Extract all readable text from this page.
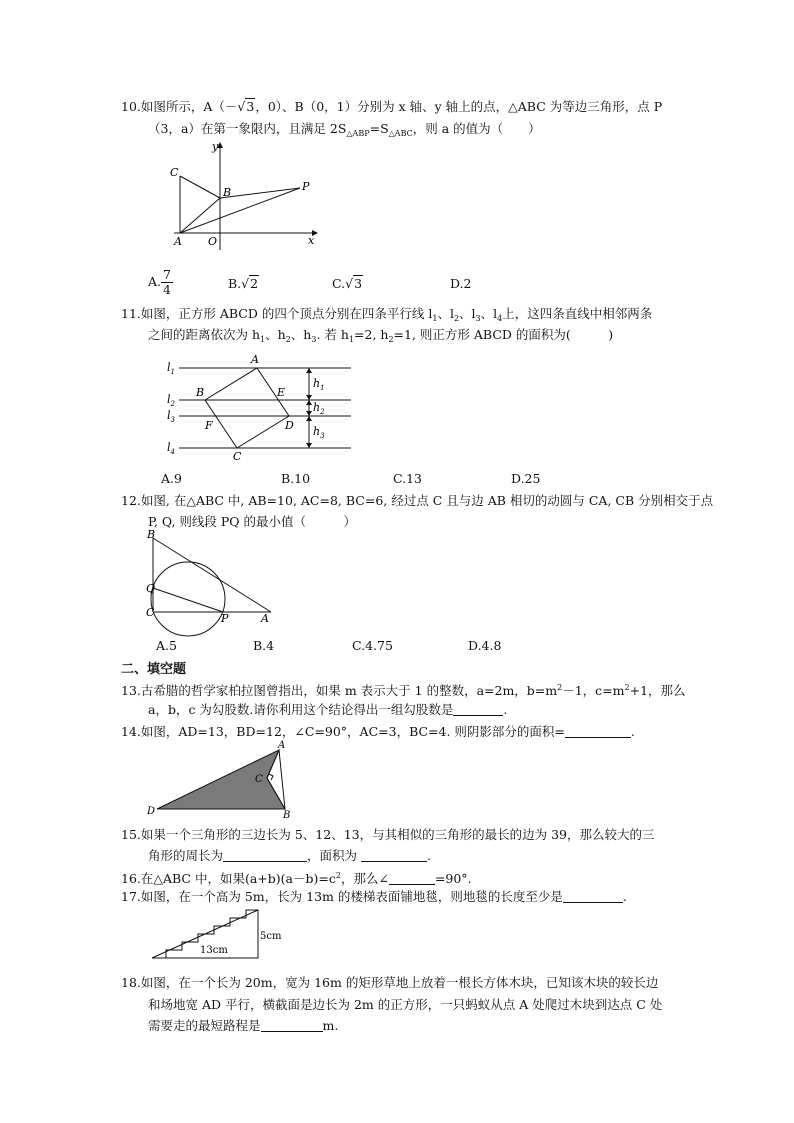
10.如图所示，A（－√3，0）、B（0，1）分别为 x 轴、y 轴上的点，△ABC 为等边三角形，点 P
（3，a）在第一象限内，且满足 $2S_{\triangle ABP}=S_{\triangle ABC}$，则 a 的值为（　　）
C
B	P
A O	x
y
A. $\frac{7}{4}$	B.√2	C.√3	D.2
11.如图，正方形 ABCD 的四个顶点分别在四条平行线 $l_1$、$l_2$、$l_3$、$l_4$上，这四条直线中相邻两条
之间的距离依次为 $h_1$、$h_2$、$h_3$. 若 $h_1=2$, $h_2=1$, 则正方形 ABCD 的面积为(　　　)
$l_1$
$l_2$
$l_3$
$l_4$
A
B	E
F	D
C
$h_1$
$h_2$
$h_3$
A.9	B.10	C.13	D.25
12.如图, 在△ABC 中, AB=10, AC=8, BC=6, 经过点 C 且与边 AB 相切的动圆与 CA, CB 分别相交于点
P, Q, 则线段 PQ 的最小值（　　　）
B
Q
C	P	A
A.5	B.4	C.4.75	D.4.8
二、填空题
13.古希腊的哲学家柏拉图曾指出，如果 m 表示大于 1 的整数，a=2m，$b=m^2-1$，$c=m^2+1$，那么
a，b，c 为勾股数.请你利用这个结论得出一组勾股数是	.
14.如图，AD=13，BD=12，∠C=90°，AC=3，BC=4. 则阴影部分的面积=	.
A
C
D	B
15.如果一个三角形的三边长为 5、12、13，与其相似的三角形的最长的边为 39，那么较大的三
角形的周长为	，面积为	.
16.在△ABC 中，如果$(a+b)(a-b)=c^2$，那么∠	=90°.
17.如图，在一个高为 5m，长为 13m 的楼梯表面铺地毯，则地毯的长度至少是	.
13cm
5cm
18.如图，在一个长为 20m，宽为 16m 的矩形草地上放着一根长方体木块，已知该木块的较长边
和场地宽 AD 平行，横截面是边长为 2m 的正方形，一只蚂蚁从点 A 处爬过木块到达点 C 处
需要走的最短路程是	m.
